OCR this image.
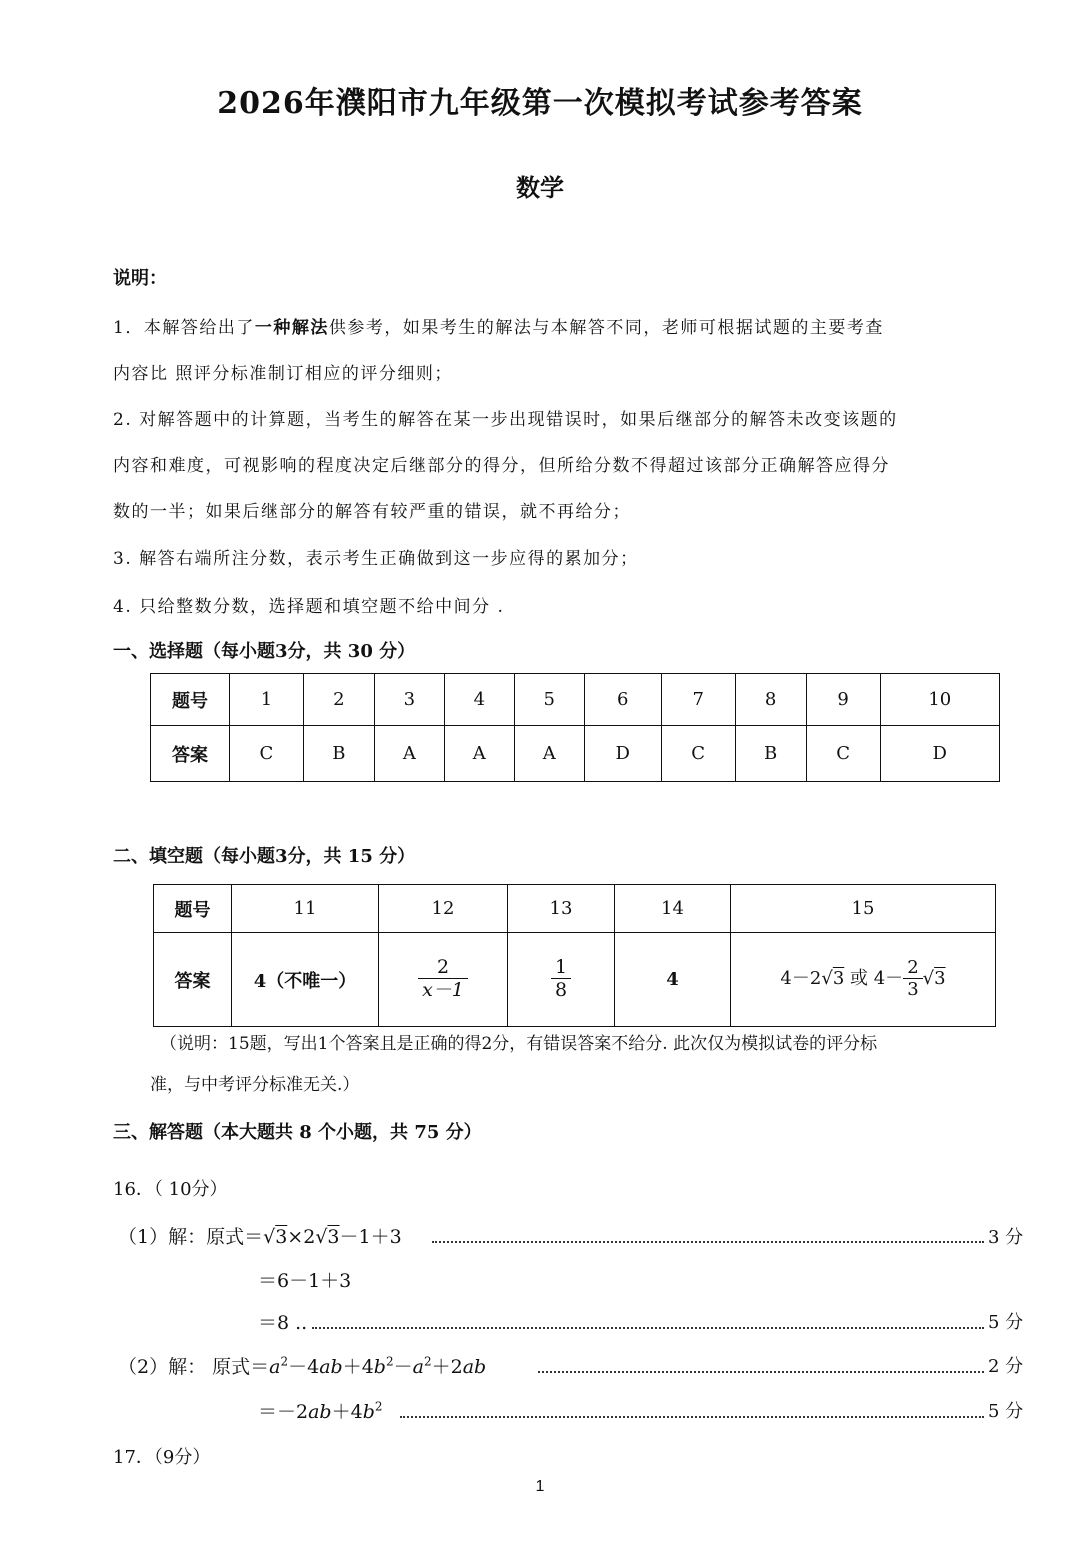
2026年濮阳市九年级第一次模拟考试参考答案
数学
说明：
1．本解答给出了一种解法供参考，如果考生的解法与本解答不同，老师可根据试题的主要考查
内容比 照评分标准制订相应的评分细则；
2. 对解答题中的计算题，当考生的解答在某一步出现错误时，如果后继部分的解答未改变该题的
内容和难度，可视影响的程度决定后继部分的得分，但所给分数不得超过该部分正确解答应得分
数的一半；如果后继部分的解答有较严重的错误，就不再给分；
3. 解答右端所注分数，表示考生正确做到这一步应得的累加分；
4. 只给整数分数，选择题和填空题不给中间分 .
一、选择题（每小题3分，共 30 分）
题号	1	2	3	4	5	6	7	8	9	10
答案	C	B	A	A	A	D	C	B	C	D
二、填空题（每小题3分，共 15 分）
题号	11	12	13	14	15
答案	4（不唯一）	$\frac{2}{x-1}$	$\frac{1}{8}$	4	4－2√3 或 $4- \frac{2}{3} √3$
（说明：15题，写出1个答案且是正确的得2分，有错误答案不给分. 此次仅为模拟试卷的评分标
准，与中考评分标准无关.）
三、解答题（本大题共 8 个小题，共 75 分）
16．（ 10分）
（1）解：原式＝√3×2√3－1＋3	3 分
＝6－1＋3
＝8 ..	5 分
（2）解： 原式$=a^2-4ab+4b^2-a^2+2ab$	2 分
$=-2ab+4b^2$	5 分
17．（9分）
1
